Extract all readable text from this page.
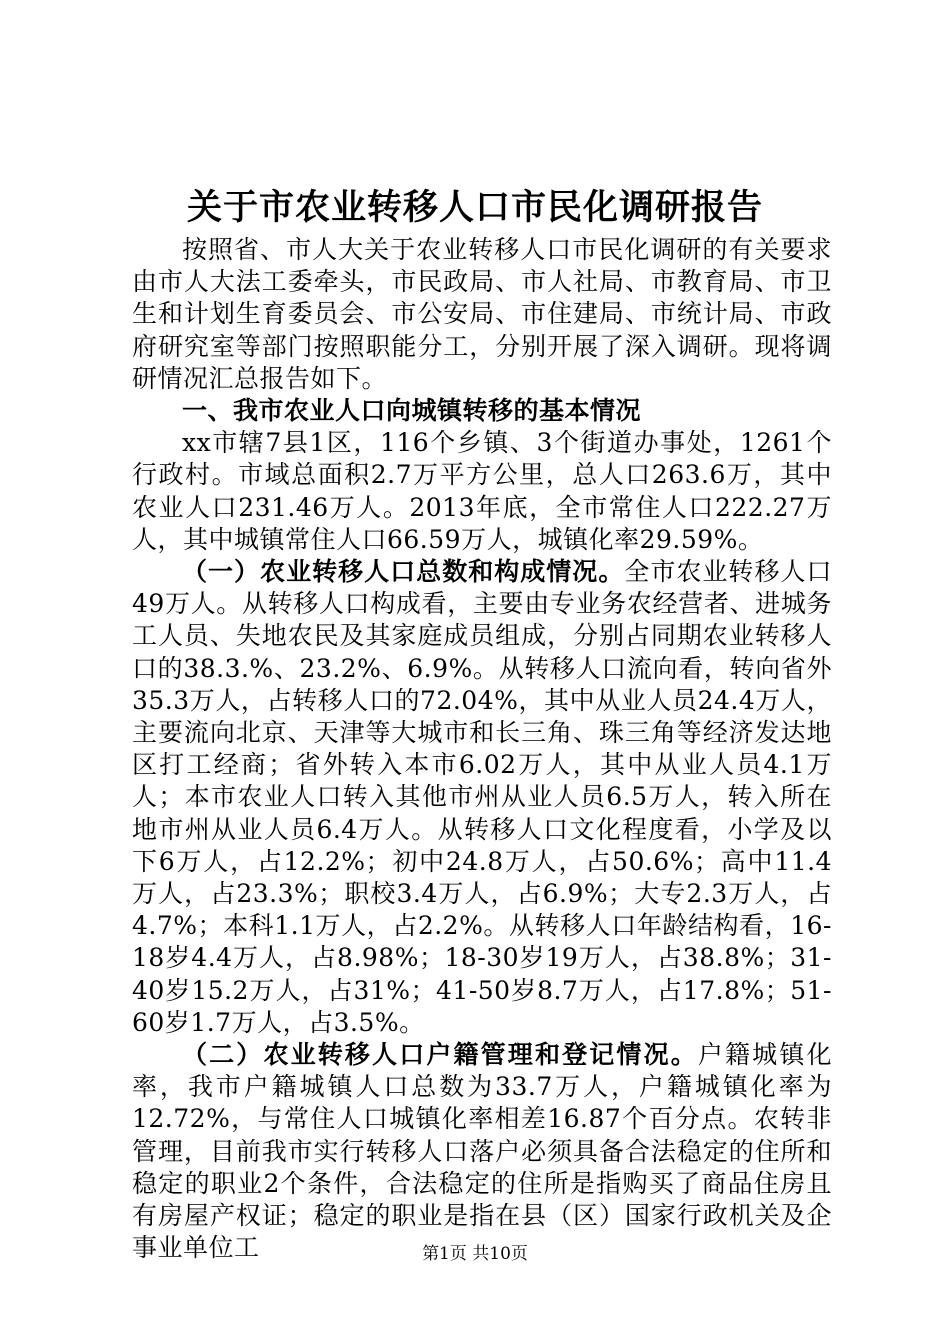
关于市农业转移人口市民化调研报告

按照省、市人大关于农业转移人口市民化调研的有关要求由市人大法工委牵头，市民政局、市人社局、市教育局、市卫生和计划生育委员会、市公安局、市住建局、市统计局、市政府研究室等部门按照职能分工，分别开展了深入调研。现将调研情况汇总报告如下。

一、我市农业人口向城镇转移的基本情况

xx市辖7县1区，116个乡镇、3个街道办事处，1261个行政村。市域总面积2.7万平方公里，总人口263.6万，其中农业人口231.46万人。2013年底，全市常住人口222.27万人，其中城镇常住人口66.59万人，城镇化率29.59%。

（一）农业转移人口总数和构成情况。全市农业转移人口49万人。从转移人口构成看，主要由专业务农经营者、进城务工人员、失地农民及其家庭成员组成，分别占同期农业转移人口的38.3.%、23.2%、6.9%。从转移人口流向看，转向省外35.3万人，占转移人口的72.04%，其中从业人员24.4万人，主要流向北京、天津等大城市和长三角、珠三角等经济发达地区打工经商；省外转入本市6.02万人，其中从业人员4.1万人；本市农业人口转入其他市州从业人员6.5万人，转入所在地市州从业人员6.4万人。从转移人口文化程度看，小学及以下6万人，占12.2%；初中24.8万人，占50.6%；高中11.4万人，占23.3%；职校3.4万人，占6.9%；大专2.3万人，占4.7%；本科1.1万人，占2.2%。从转移人口年龄结构看，16-18岁4.4万人，占8.98%；18-30岁19万人，占38.8%；31-40岁15.2万人，占31%；41-50岁8.7万人，占17.8%；51-60岁1.7万人，占3.5%。

（二）农业转移人口户籍管理和登记情况。户籍城镇化率，我市户籍城镇人口总数为33.7万人，户籍城镇化率为12.72%，与常住人口城镇化率相差16.87个百分点。农转非管理，目前我市实行转移人口落户必须具备合法稳定的住所和稳定的职业2个条件，合法稳定的住所是指购买了商品住房且有房屋产权证；稳定的职业是指在县（区）国家行政机关及企事业单位工	第1页 共10页
